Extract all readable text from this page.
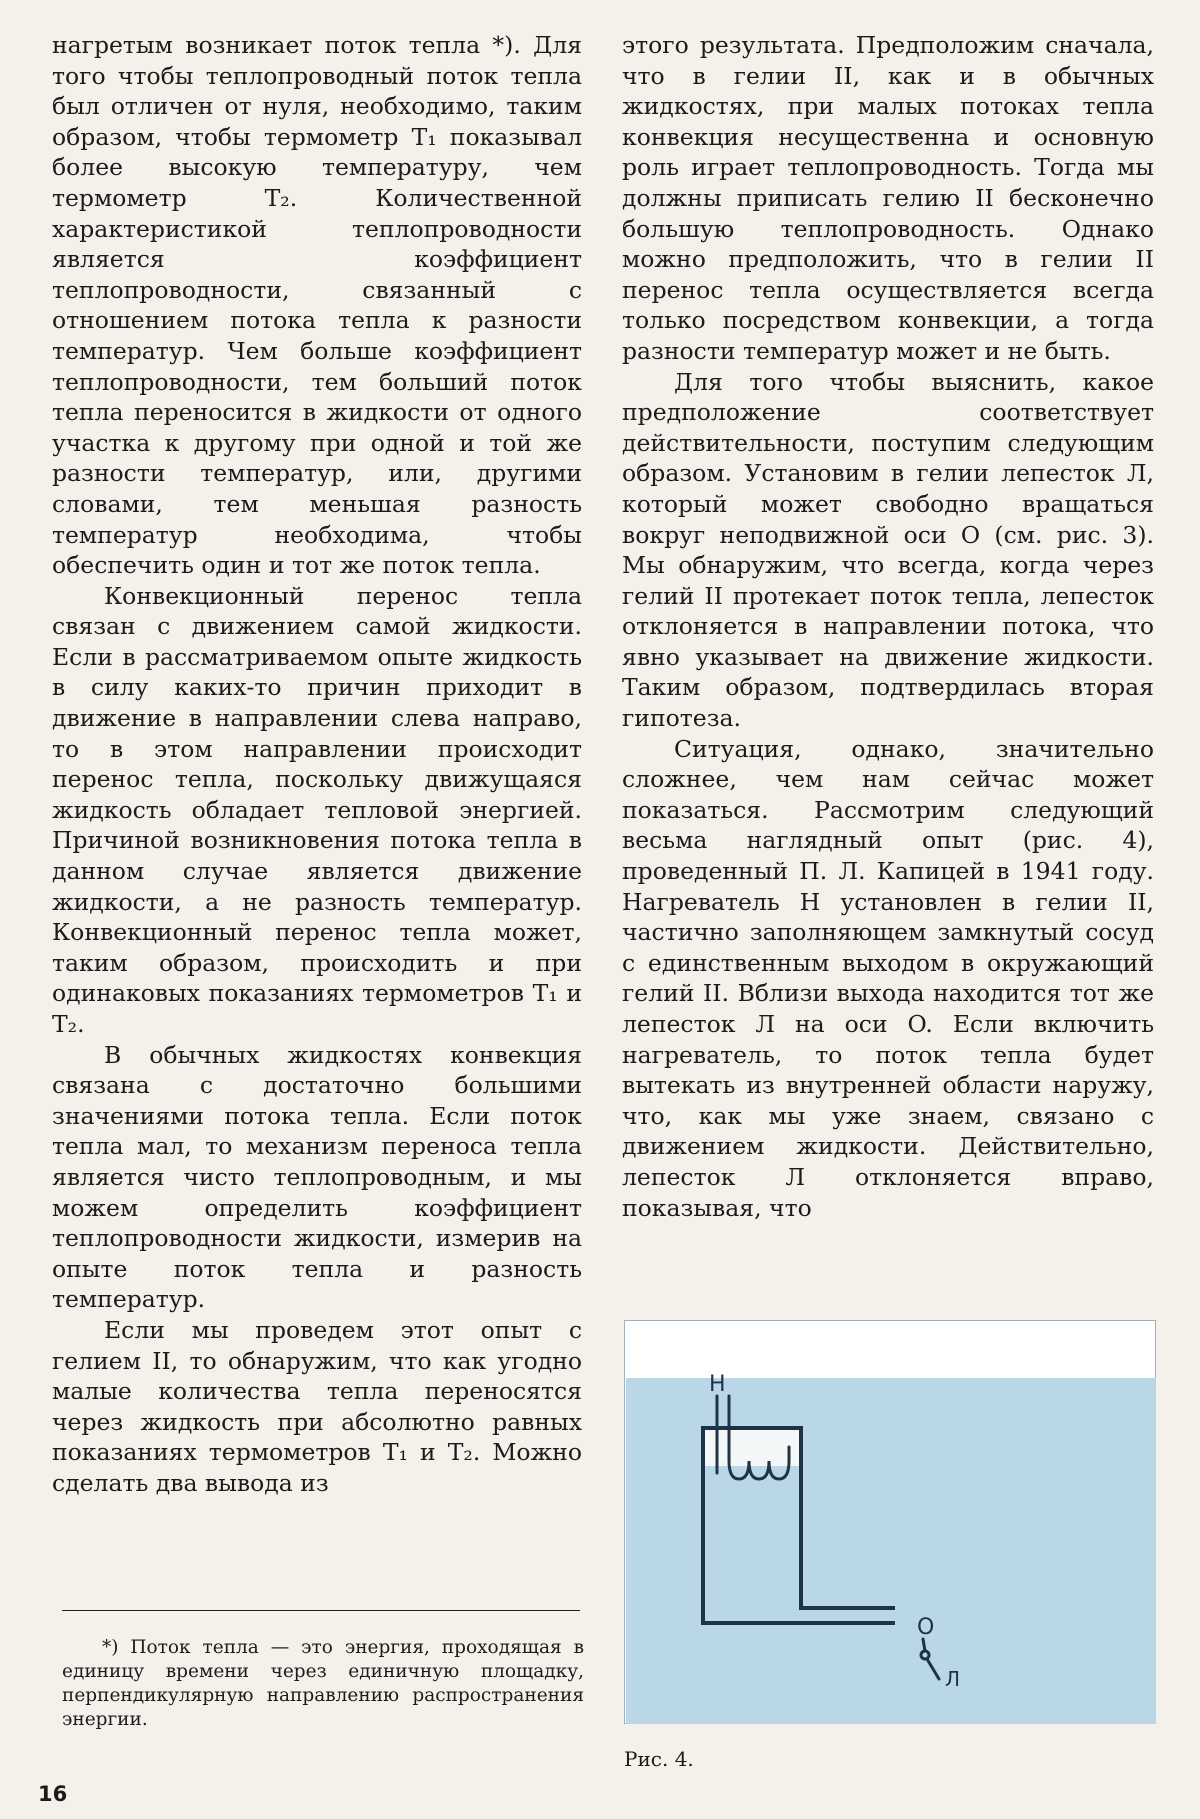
нагретым возникает поток тепла *). Для того чтобы теплопроводный поток тепла был отличен от нуля, необходимо, таким образом, чтобы термометр T₁ показывал более высокую температуру, чем термометр T₂. Количественной характеристикой теплопроводности является коэффициент теплопроводности, связанный с отношением потока тепла к разности температур. Чем больше коэффициент теплопроводности, тем больший поток тепла переносится в жидкости от одного участка к другому при одной и той же разности температур, или, другими словами, тем меньшая разность температур необходима, чтобы обеспечить один и тот же поток тепла.

Конвекционный перенос тепла связан с движением самой жидкости. Если в рассматриваемом опыте жидкость в силу каких-то причин приходит в движение в направлении слева направо, то в этом направлении происходит перенос тепла, поскольку движущаяся жидкость обладает тепловой энергией. Причиной возникновения потока тепла в данном случае является движение жидкости, а не разность температур. Конвекционный перенос тепла может, таким образом, происходить и при одинаковых показаниях термометров T₁ и T₂.

В обычных жидкостях конвекция связана с достаточно большими значениями потока тепла. Если поток тепла мал, то механизм переноса тепла является чисто теплопроводным, и мы можем определить коэффициент теплопроводности жидкости, измерив на опыте поток тепла и разность температур.

Если мы проведем этот опыт с гелием II, то обнаружим, что как угодно малые количества тепла переносятся через жидкость при абсолютно равных показаниях термометров T₁ и T₂. Можно сделать два вывода из

этого результата. Предположим сначала, что в гелии II, как и в обычных жидкостях, при малых потоках тепла конвекция несущественна и основную роль играет теплопроводность. Тогда мы должны приписать гелию II бесконечно большую теплопроводность. Однако можно предположить, что в гелии II перенос тепла осуществляется всегда только посредством конвекции, а тогда разности температур может и не быть.

Для того чтобы выяснить, какое предположение соответствует действительности, поступим следующим образом. Установим в гелии лепесток Л, который может свободно вращаться вокруг неподвижной оси O (см. рис. 3). Мы обнаружим, что всегда, когда через гелий II протекает поток тепла, лепесток отклоняется в направлении потока, что явно указывает на движение жидкости. Таким образом, подтвердилась вторая гипотеза.

Ситуация, однако, значительно сложнее, чем нам сейчас может показаться. Рассмотрим следующий весьма наглядный опыт (рис. 4), проведенный П. Л. Капицей в 1941 году. Нагреватель H установлен в гелии II, частично заполняющем замкнутый сосуд с единственным выходом в окружающий гелий II. Вблизи выхода находится тот же лепесток Л на оси O. Если включить нагреватель, то поток тепла будет вытекать из внутренней области наружу, что, как мы уже знаем, связано с движением жидкости. Действительно, лепесток Л отклоняется вправо, показывая, что

*) Поток тепла — это энергия, проходящая в единицу времени через единичную площадку, перпендикулярную направлению распространения энергии.

16
H
O
Л
Рис. 4.
